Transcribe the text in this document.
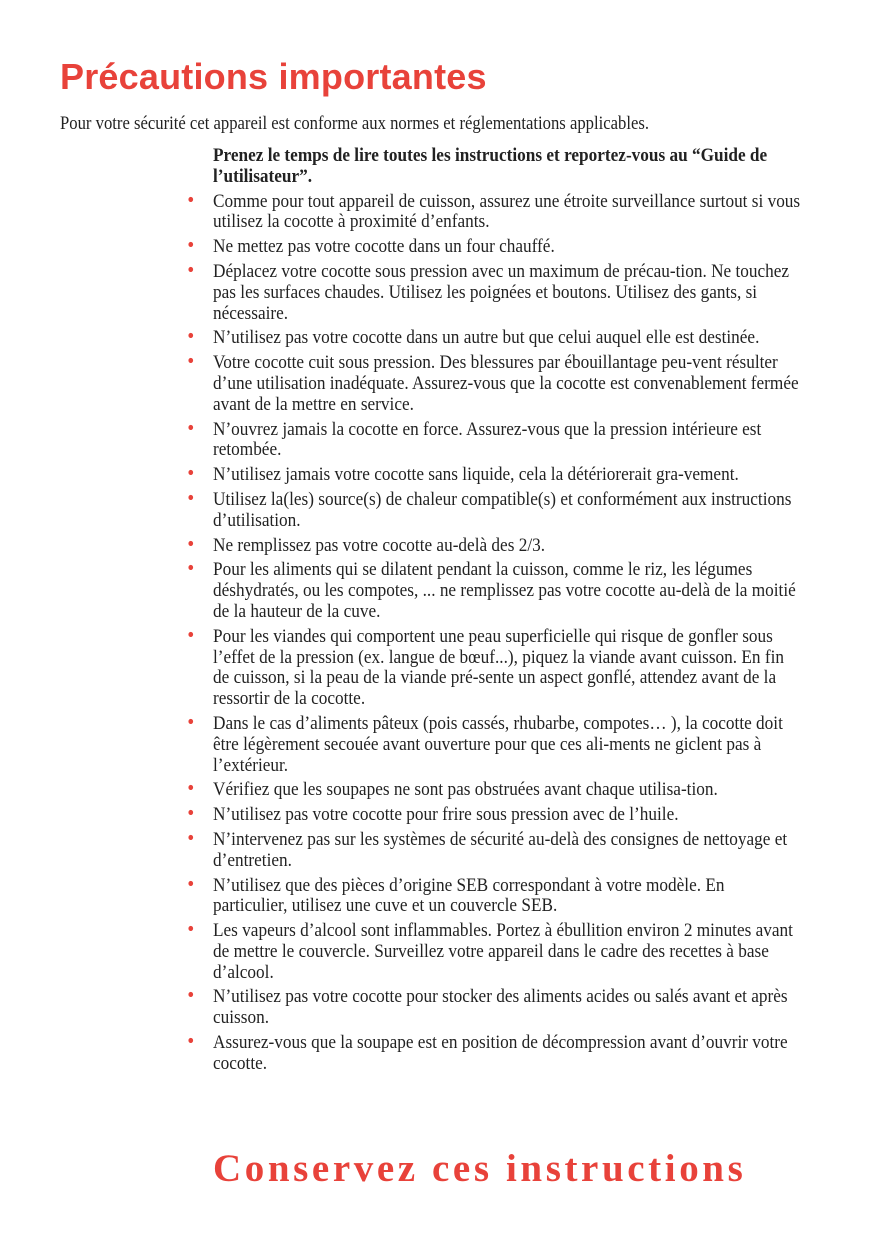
Précautions importantes

Pour votre sécurité cet appareil est conforme aux normes et réglementations applicables.

Prenez le temps de lire toutes les instructions et reportez-vous au “Guide de l’utilisateur”.

• Comme pour tout appareil de cuisson, assurez une étroite surveillance surtout si vous utilisez la cocotte à proximité d’enfants.
• Ne mettez pas votre cocotte dans un four chauffé.
• Déplacez votre cocotte sous pression avec un maximum de précau-tion. Ne touchez pas les surfaces chaudes. Utilisez les poignées et boutons. Utilisez des gants, si nécessaire.
• N’utilisez pas votre cocotte dans un autre but que celui auquel elle est destinée.
• Votre cocotte cuit sous pression. Des blessures par ébouillantage peu-vent résulter d’une utilisation inadéquate. Assurez-vous que la cocotte est convenablement fermée avant de la mettre en service.
• N’ouvrez jamais la cocotte en force. Assurez-vous que la pression intérieure est retombée.
• N’utilisez jamais votre cocotte sans liquide, cela la détériorerait gra-vement.
• Utilisez la(les) source(s) de chaleur compatible(s) et conformément aux instructions d’utilisation.
• Ne remplissez pas votre cocotte au-delà des 2/3.
• Pour les aliments qui se dilatent pendant la cuisson, comme le riz, les légumes déshydratés, ou les compotes, ... ne remplissez pas votre cocotte au-delà de la moitié de la hauteur de la cuve.
• Pour les viandes qui comportent une peau superficielle qui risque de gonfler sous l’effet de la pression (ex. langue de bœuf...), piquez la viande avant cuisson. En fin de cuisson, si la peau de la viande pré-sente un aspect gonflé, attendez avant de la ressortir de la cocotte.
• Dans le cas d’aliments pâteux (pois cassés, rhubarbe, compotes… ), la cocotte doit être légèrement secouée avant ouverture pour que ces ali-ments ne giclent pas à l’extérieur.
• Vérifiez que les soupapes ne sont pas obstruées avant chaque utilisa-tion.
• N’utilisez pas votre cocotte pour frire sous pression avec de l’huile.
• N’intervenez pas sur les systèmes de sécurité au-delà des consignes de nettoyage et d’entretien.
• N’utilisez que des pièces d’origine SEB correspondant à votre modèle. En particulier, utilisez une cuve et un couvercle SEB.
• Les vapeurs d’alcool sont inflammables. Portez à ébullition environ 2 minutes avant de mettre le couvercle. Surveillez votre appareil dans le cadre des recettes à base d’alcool.
• N’utilisez pas votre cocotte pour stocker des aliments acides ou salés avant et après cuisson.
• Assurez-vous que la soupape est en position de décompression avant d’ouvrir votre cocotte.

Conservez ces instructions
